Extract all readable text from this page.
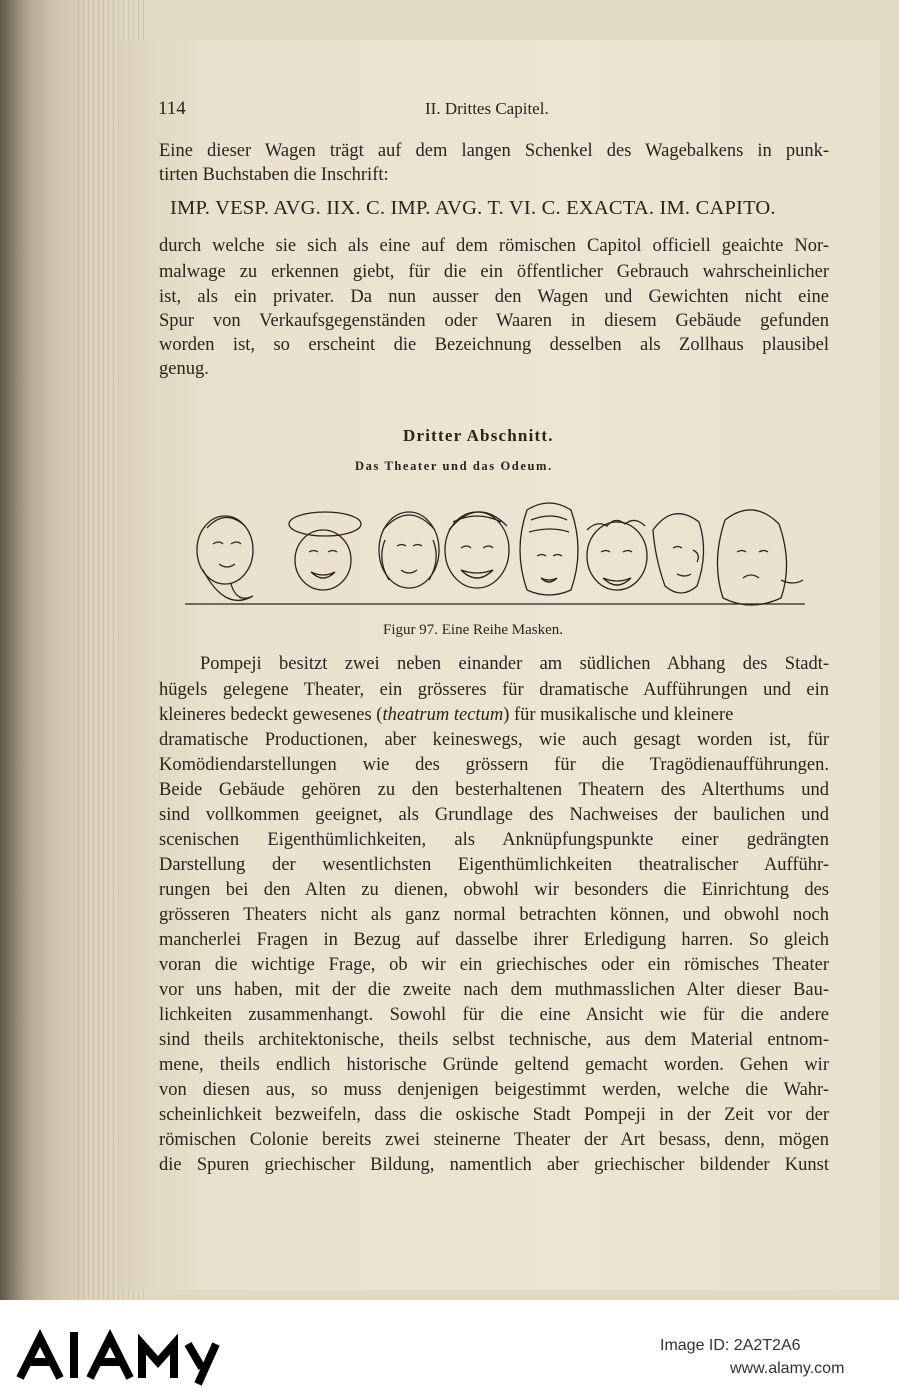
114	II. Drittes Capitel.
Eine dieser Wagen trägt auf dem langen Schenkel des Wagebalkens in punk-
tirten Buchstaben die Inschrift:
IMP. VESP. AVG. IIX. C. IMP. AVG. T. VI. C. EXACTA. IM. CAPITO.
durch welche sie sich als eine auf dem römischen Capitol officiell geaichte Nor-
malwage zu erkennen giebt, für die ein öffentlicher Gebrauch wahrscheinlicher
ist, als ein privater. Da nun ausser den Wagen und Gewichten nicht eine
Spur von Verkaufsgegenständen oder Waaren in diesem Gebäude gefunden
worden ist, so erscheint die Bezeichnung desselben als Zollhaus plausibel
genug.
Dritter Abschnitt.
Das Theater und das Odeum.
Figur 97. Eine Reihe Masken.
Pompeji besitzt zwei neben einander am südlichen Abhang des Stadt-
hügels gelegene Theater, ein grösseres für dramatische Aufführungen und ein
kleineres bedeckt gewesenes (theatrum tectum) für musikalische und kleinere
dramatische Productionen, aber keineswegs, wie auch gesagt worden ist, für
Komödiendarstellungen wie des grössern für die Tragödienaufführungen.
Beide Gebäude gehören zu den besterhaltenen Theatern des Alterthums und
sind vollkommen geeignet, als Grundlage des Nachweises der baulichen und
scenischen Eigenthümlichkeiten, als Anknüpfungspunkte einer gedrängten
Darstellung der wesentlichsten Eigenthümlichkeiten theatralischer Aufführ-
rungen bei den Alten zu dienen, obwohl wir besonders die Einrichtung des
grösseren Theaters nicht als ganz normal betrachten können, und obwohl noch
mancherlei Fragen in Bezug auf dasselbe ihrer Erledigung harren. So gleich
voran die wichtige Frage, ob wir ein griechisches oder ein römisches Theater
vor uns haben, mit der die zweite nach dem muthmasslichen Alter dieser Bau-
lichkeiten zusammenhangt. Sowohl für die eine Ansicht wie für die andere
sind theils architektonische, theils selbst technische, aus dem Material entnom-
mene, theils endlich historische Gründe geltend gemacht worden. Gehen wir
von diesen aus, so muss denjenigen beigestimmt werden, welche die Wahr-
scheinlichkeit bezweifeln, dass die oskische Stadt Pompeji in der Zeit vor der
römischen Colonie bereits zwei steinerne Theater der Art besass, denn, mögen
die Spuren griechischer Bildung, namentlich aber griechischer bildender Kunst
Image ID: 2A2T2A6
www.alamy.com
